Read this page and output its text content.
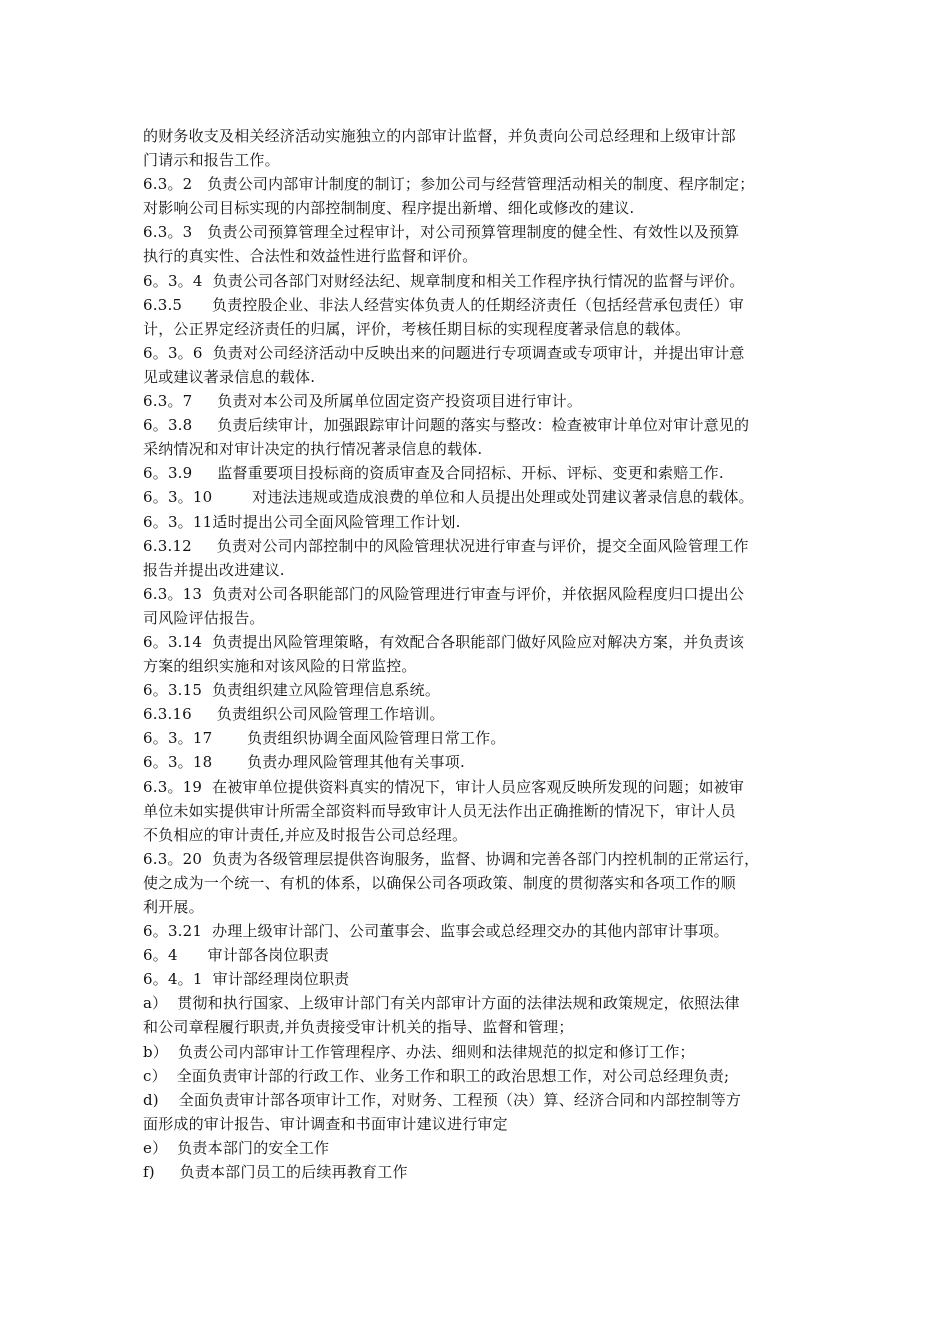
的财务收支及相关经济活动实施独立的内部审计监督，并负责向公司总经理和上级审计部
门请示和报告工作。
6.3。2   负责公司内部审计制度的制订；参加公司与经营管理活动相关的制度、程序制定；
对影响公司目标实现的内部控制制度、程序提出新增、细化或修改的建议.
6.3。3   负责公司预算管理全过程审计，对公司预算管理制度的健全性、有效性以及预算
执行的真实性、合法性和效益性进行监督和评价。
6。3。4  负责公司各部门对财经法纪、规章制度和相关工作程序执行情况的监督与评价。
6.3.5      负责控股企业、非法人经营实体负责人的任期经济责任（包括经营承包责任）审
计，公正界定经济责任的归属，评价，考核任期目标的实现程度著录信息的载体。
6。3。6  负责对公司经济活动中反映出来的问题进行专项调查或专项审计，并提出审计意
见或建议著录信息的载体.
6.3。7     负责对本公司及所属单位固定资产投资项目进行审计。
6。3.8     负责后续审计，加强跟踪审计问题的落实与整改：检查被审计单位对审计意见的
采纳情况和对审计决定的执行情况著录信息的载体.
6。3.9     监督重要项目投标商的资质审查及合同招标、开标、评标、变更和索赔工作.
6。3。10        对违法违规或造成浪费的单位和人员提出处理或处罚建议著录信息的载体。
6。3。11适时提出公司全面风险管理工作计划.
6.3.12     负责对公司内部控制中的风险管理状况进行审查与评价，提交全面风险管理工作
报告并提出改进建议.
6.3。13  负责对公司各职能部门的风险管理进行审查与评价，并依据风险程度归口提出公
司风险评估报告。
6。3.14  负责提出风险管理策略，有效配合各职能部门做好风险应对解决方案，并负责该
方案的组织实施和对该风险的日常监控。
6。3.15  负责组织建立风险管理信息系统。
6.3.16     负责组织公司风险管理工作培训。
6。3。17       负责组织协调全面风险管理日常工作。
6。3。18       负责办理风险管理其他有关事项.
6.3。19  在被审单位提供资料真实的情况下，审计人员应客观反映所发现的问题；如被审
单位未如实提供审计所需全部资料而导致审计人员无法作出正确推断的情况下，审计人员
不负相应的审计责任,并应及时报告公司总经理。
6.3。20  负责为各级管理层提供咨询服务，监督、协调和完善各部门内控机制的正常运行，
使之成为一个统一、有机的体系，以确保公司各项政策、制度的贯彻落实和各项工作的顺
利开展。
6。3.21  办理上级审计部门、公司董事会、监事会或总经理交办的其他内部审计事项。
6。4      审计部各岗位职责
6。4。1  审计部经理岗位职责
a）  贯彻和执行国家、上级审计部门有关内部审计方面的法律法规和政策规定，依照法律
和公司章程履行职责,并负责接受审计机关的指导、监督和管理；
b）  负责公司内部审计工作管理程序、办法、细则和法律规范的拟定和修订工作；
c）  全面负责审计部的行政工作、业务工作和职工的政治思想工作，对公司总经理负责;
d)    全面负责审计部各项审计工作，对财务、工程预（决）算、经济合同和内部控制等方
面形成的审计报告、审计调查和书面审计建议进行审定
e）  负责本部门的安全工作
f)     负责本部门员工的后续再教育工作
